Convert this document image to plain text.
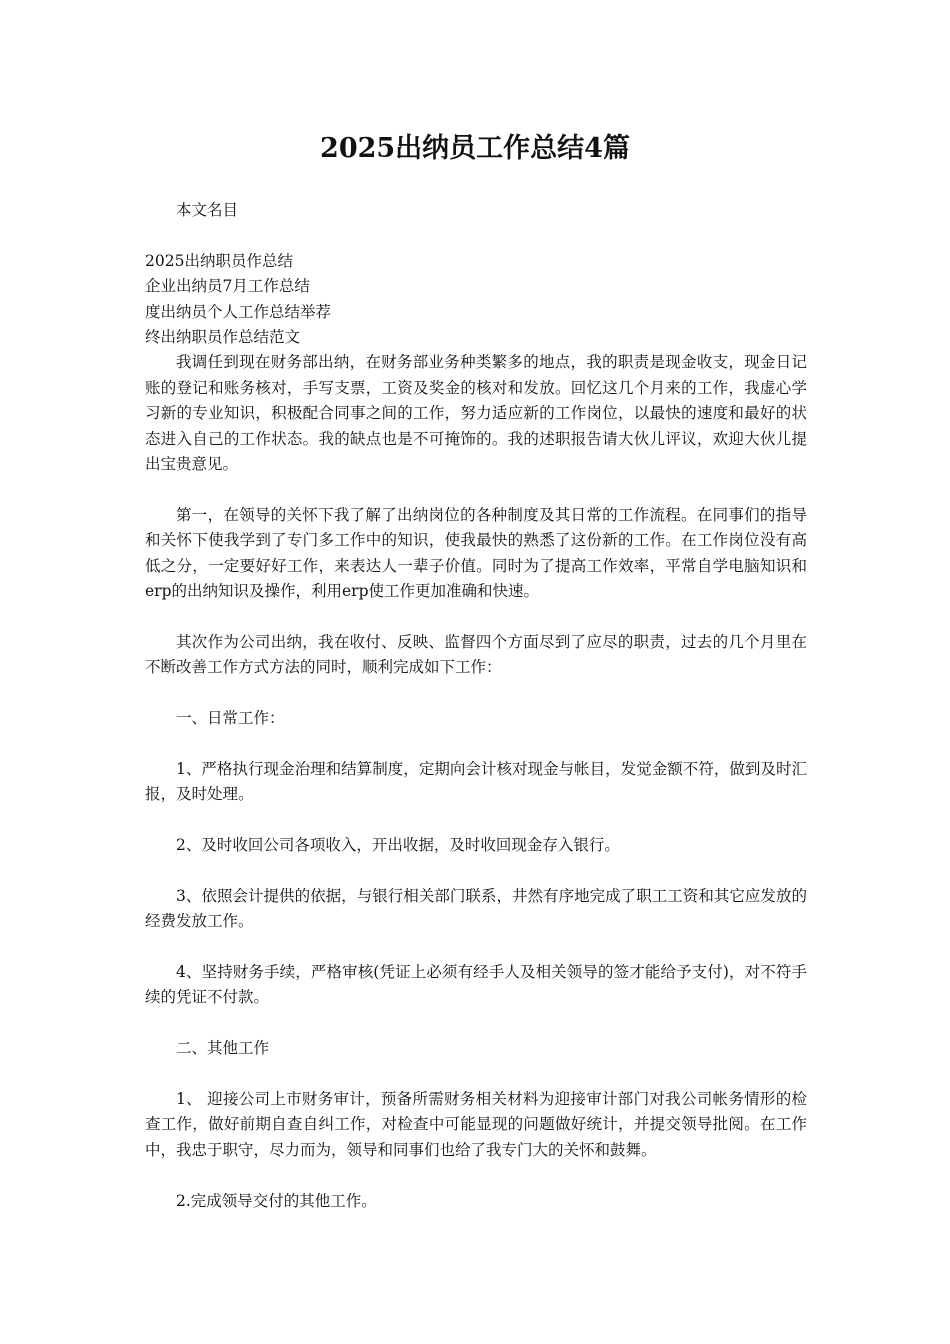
2025出纳员工作总结4篇

本文名目

2025出纳职员作总结

企业出纳员7月工作总结

度出纳员个人工作总结举荐

终出纳职员作总结范文

我调任到现在财务部出纳，在财务部业务种类繁多的地点，我的职责是现金收支，现金日记账的登记和账务核对，手写支票，工资及奖金的核对和发放。回忆这几个月来的工作，我虚心学习新的专业知识，积极配合同事之间的工作，努力适应新的工作岗位，以最快的速度和最好的状态进入自己的工作状态。我的缺点也是不可掩饰的。我的述职报告请大伙儿评议，欢迎大伙儿提出宝贵意见。

第一，在领导的关怀下我了解了出纳岗位的各种制度及其日常的工作流程。在同事们的指导和关怀下使我学到了专门多工作中的知识，使我最快的熟悉了这份新的工作。在工作岗位没有高低之分，一定要好好工作，来表达人一辈子价值。同时为了提高工作效率，平常自学电脑知识和erp的出纳知识及操作，利用erp使工作更加准确和快速。

其次作为公司出纳，我在收付、反映、监督四个方面尽到了应尽的职责，过去的几个月里在不断改善工作方式方法的同时，顺利完成如下工作：

一、日常工作：

1、严格执行现金治理和结算制度，定期向会计核对现金与帐目，发觉金额不符，做到及时汇报，及时处理。

2、及时收回公司各项收入，开出收据，及时收回现金存入银行。

3、依照会计提供的依据，与银行相关部门联系，井然有序地完成了职工工资和其它应发放的经费发放工作。

4、坚持财务手续，严格审核(凭证上必须有经手人及相关领导的签才能给予支付)，对不符手续的凭证不付款。

二、其他工作

1、 迎接公司上市财务审计，预备所需财务相关材料为迎接审计部门对我公司帐务情形的检查工作，做好前期自查自纠工作，对检查中可能显现的问题做好统计，并提交领导批阅。在工作中，我忠于职守，尽力而为，领导和同事们也给了我专门大的关怀和鼓舞。

2.完成领导交付的其他工作。
